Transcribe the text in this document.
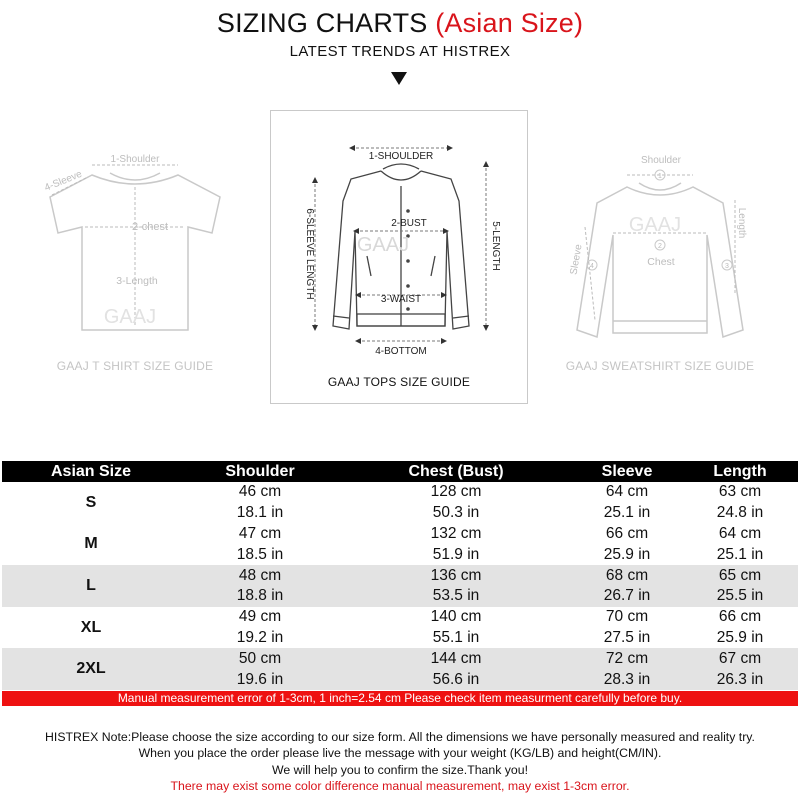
SIZING CHARTS (Asian Size)
LATEST TRENDS AT HISTREX
1-Shoulder
2-chest
3-Length
4-Sleeve
GAAJ
GAAJ T SHIRT SIZE GUIDE
1-SHOULDER
2-BUST
3-WAIST
4-BOTTOM
5-LENGTH
6-SLEEVE LENGTH GAAJ
GAAJ TOPS SIZE GUIDE
1
2
3
4
Shoulder
Chest
Length
Sleeve
GAAJ
GAAJ SWEATSHIRT SIZE GUIDE
Asian Size	Shoulder	Chest (Bust)	Sleeve	Length
S	46 cm	128 cm	64 cm	63 cm
	18.1 in	50.3 in	25.1 in	24.8 in
M	47 cm	132 cm	66 cm	64 cm
	18.5 in	51.9 in	25.9 in	25.1 in
L	48 cm	136 cm	68 cm	65 cm
	18.8 in	53.5 in	26.7 in	25.5 in
XL	49 cm	140 cm	70 cm	66 cm
	19.2 in	55.1 in	27.5 in	25.9 in
2XL	50 cm	144 cm	72 cm	67 cm
	19.6 in	56.6 in	28.3 in	26.3 in
Manual measurement error of 1-3cm, 1 inch=2.54 cm Please check item measurment carefully before buy.
HISTREX Note:Please choose the size according to our size form. All the dimensions we have personally measured and reality try.
When you place the order please live the message with your weight (KG/LB) and height(CM/IN).
We will help you to confirm the size.Thank you!
There may exist some color difference manual measurement, may exist 1-3cm error.
